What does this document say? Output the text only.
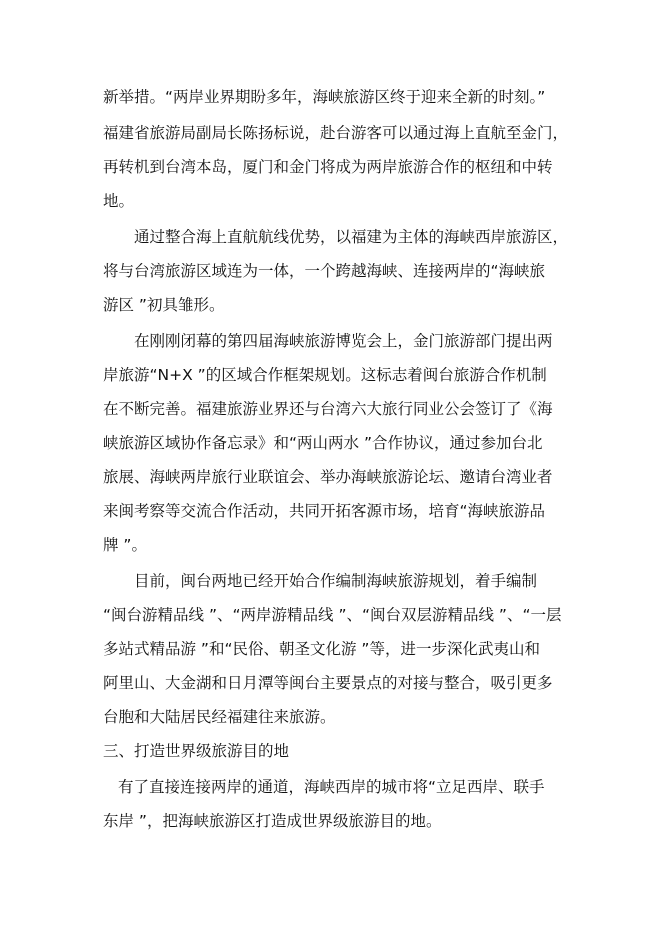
新举措。“两岸业界期盼多年，海峡旅游区终于迎来全新的时刻。”
福建省旅游局副局长陈扬标说，赴台游客可以通过海上直航至金门，
再转机到台湾本岛，厦门和金门将成为两岸旅游合作的枢纽和中转
地。
通过整合海上直航航线优势，以福建为主体的海峡西岸旅游区，
将与台湾旅游区域连为一体，一个跨越海峡、连接两岸的“海峡旅
游区 ”初具雏形。
在刚刚闭幕的第四届海峡旅游博览会上，金门旅游部门提出两
岸旅游“N+X ”的区域合作框架规划。这标志着闽台旅游合作机制
在不断完善。福建旅游业界还与台湾六大旅行同业公会签订了《海
峡旅游区域协作备忘录》和“两山两水 ”合作协议，通过参加台北
旅展、海峡两岸旅行业联谊会、举办海峡旅游论坛、邀请台湾业者
来闽考察等交流合作活动，共同开拓客源市场，培育“海峡旅游品
牌 ”。
目前，闽台两地已经开始合作编制海峡旅游规划，着手编制
“闽台游精品线 ”、“两岸游精品线 ”、“闽台双层游精品线 ”、“一层
多站式精品游 ”和“民俗、朝圣文化游 ”等，进一步深化武夷山和
阿里山、大金湖和日月潭等闽台主要景点的对接与整合，吸引更多
台胞和大陆居民经福建往来旅游。
三、打造世界级旅游目的地
有了直接连接两岸的通道，海峡西岸的城市将“立足西岸、联手
东岸 ”，把海峡旅游区打造成世界级旅游目的地。
